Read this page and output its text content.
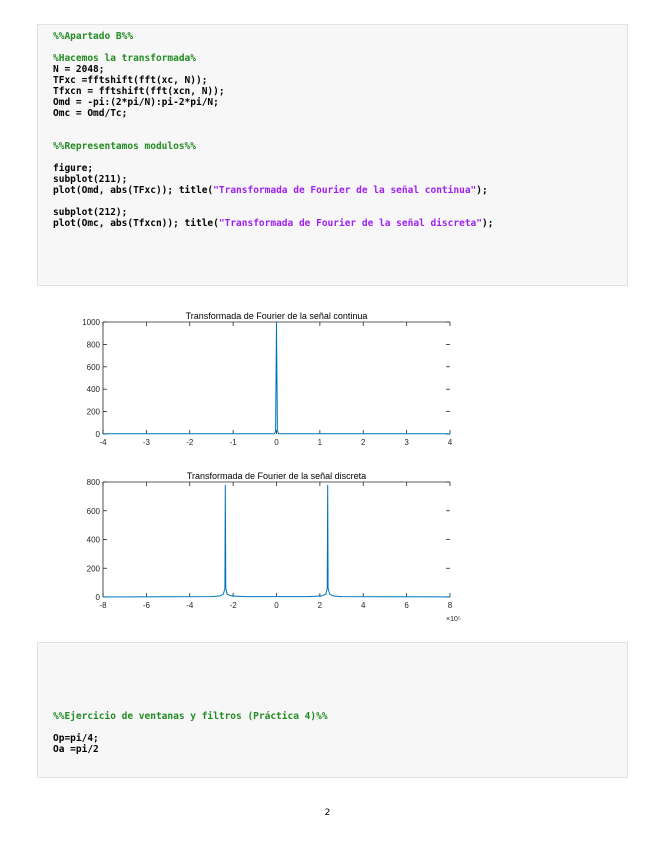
%%Apartado B%%
%Hacemos la transformada%
N = 2048;
TFxc =fftshift(fft(xc, N));
Tfxcn = fftshift(fft(xcn, N));
Omd = -pi:(2*pi/N):pi-2*pi/N;
Omc = Omd/Tc;
%%Representamos modulos%%
figure;
subplot(211);
plot(Omd, abs(TFxc)); title("Transformada de Fourier de la señal continua");
subplot(212);
plot(Omc, abs(Tfxcn)); title("Transformada de Fourier de la señal discreta");
-4	-3	-2	-1	0	1	2	3	4
0
200
400
600
800
1000
Transformada de Fourier de la señal continua
-8	-6	-4	-2	0	2	4	6	8
0
200
400
600
800
Transformada de Fourier de la señal discreta
×10⁵
%%Ejercicio de ventanas y filtros (Práctica 4)%%
Op=pi/4;
Oa =pi/2
2
